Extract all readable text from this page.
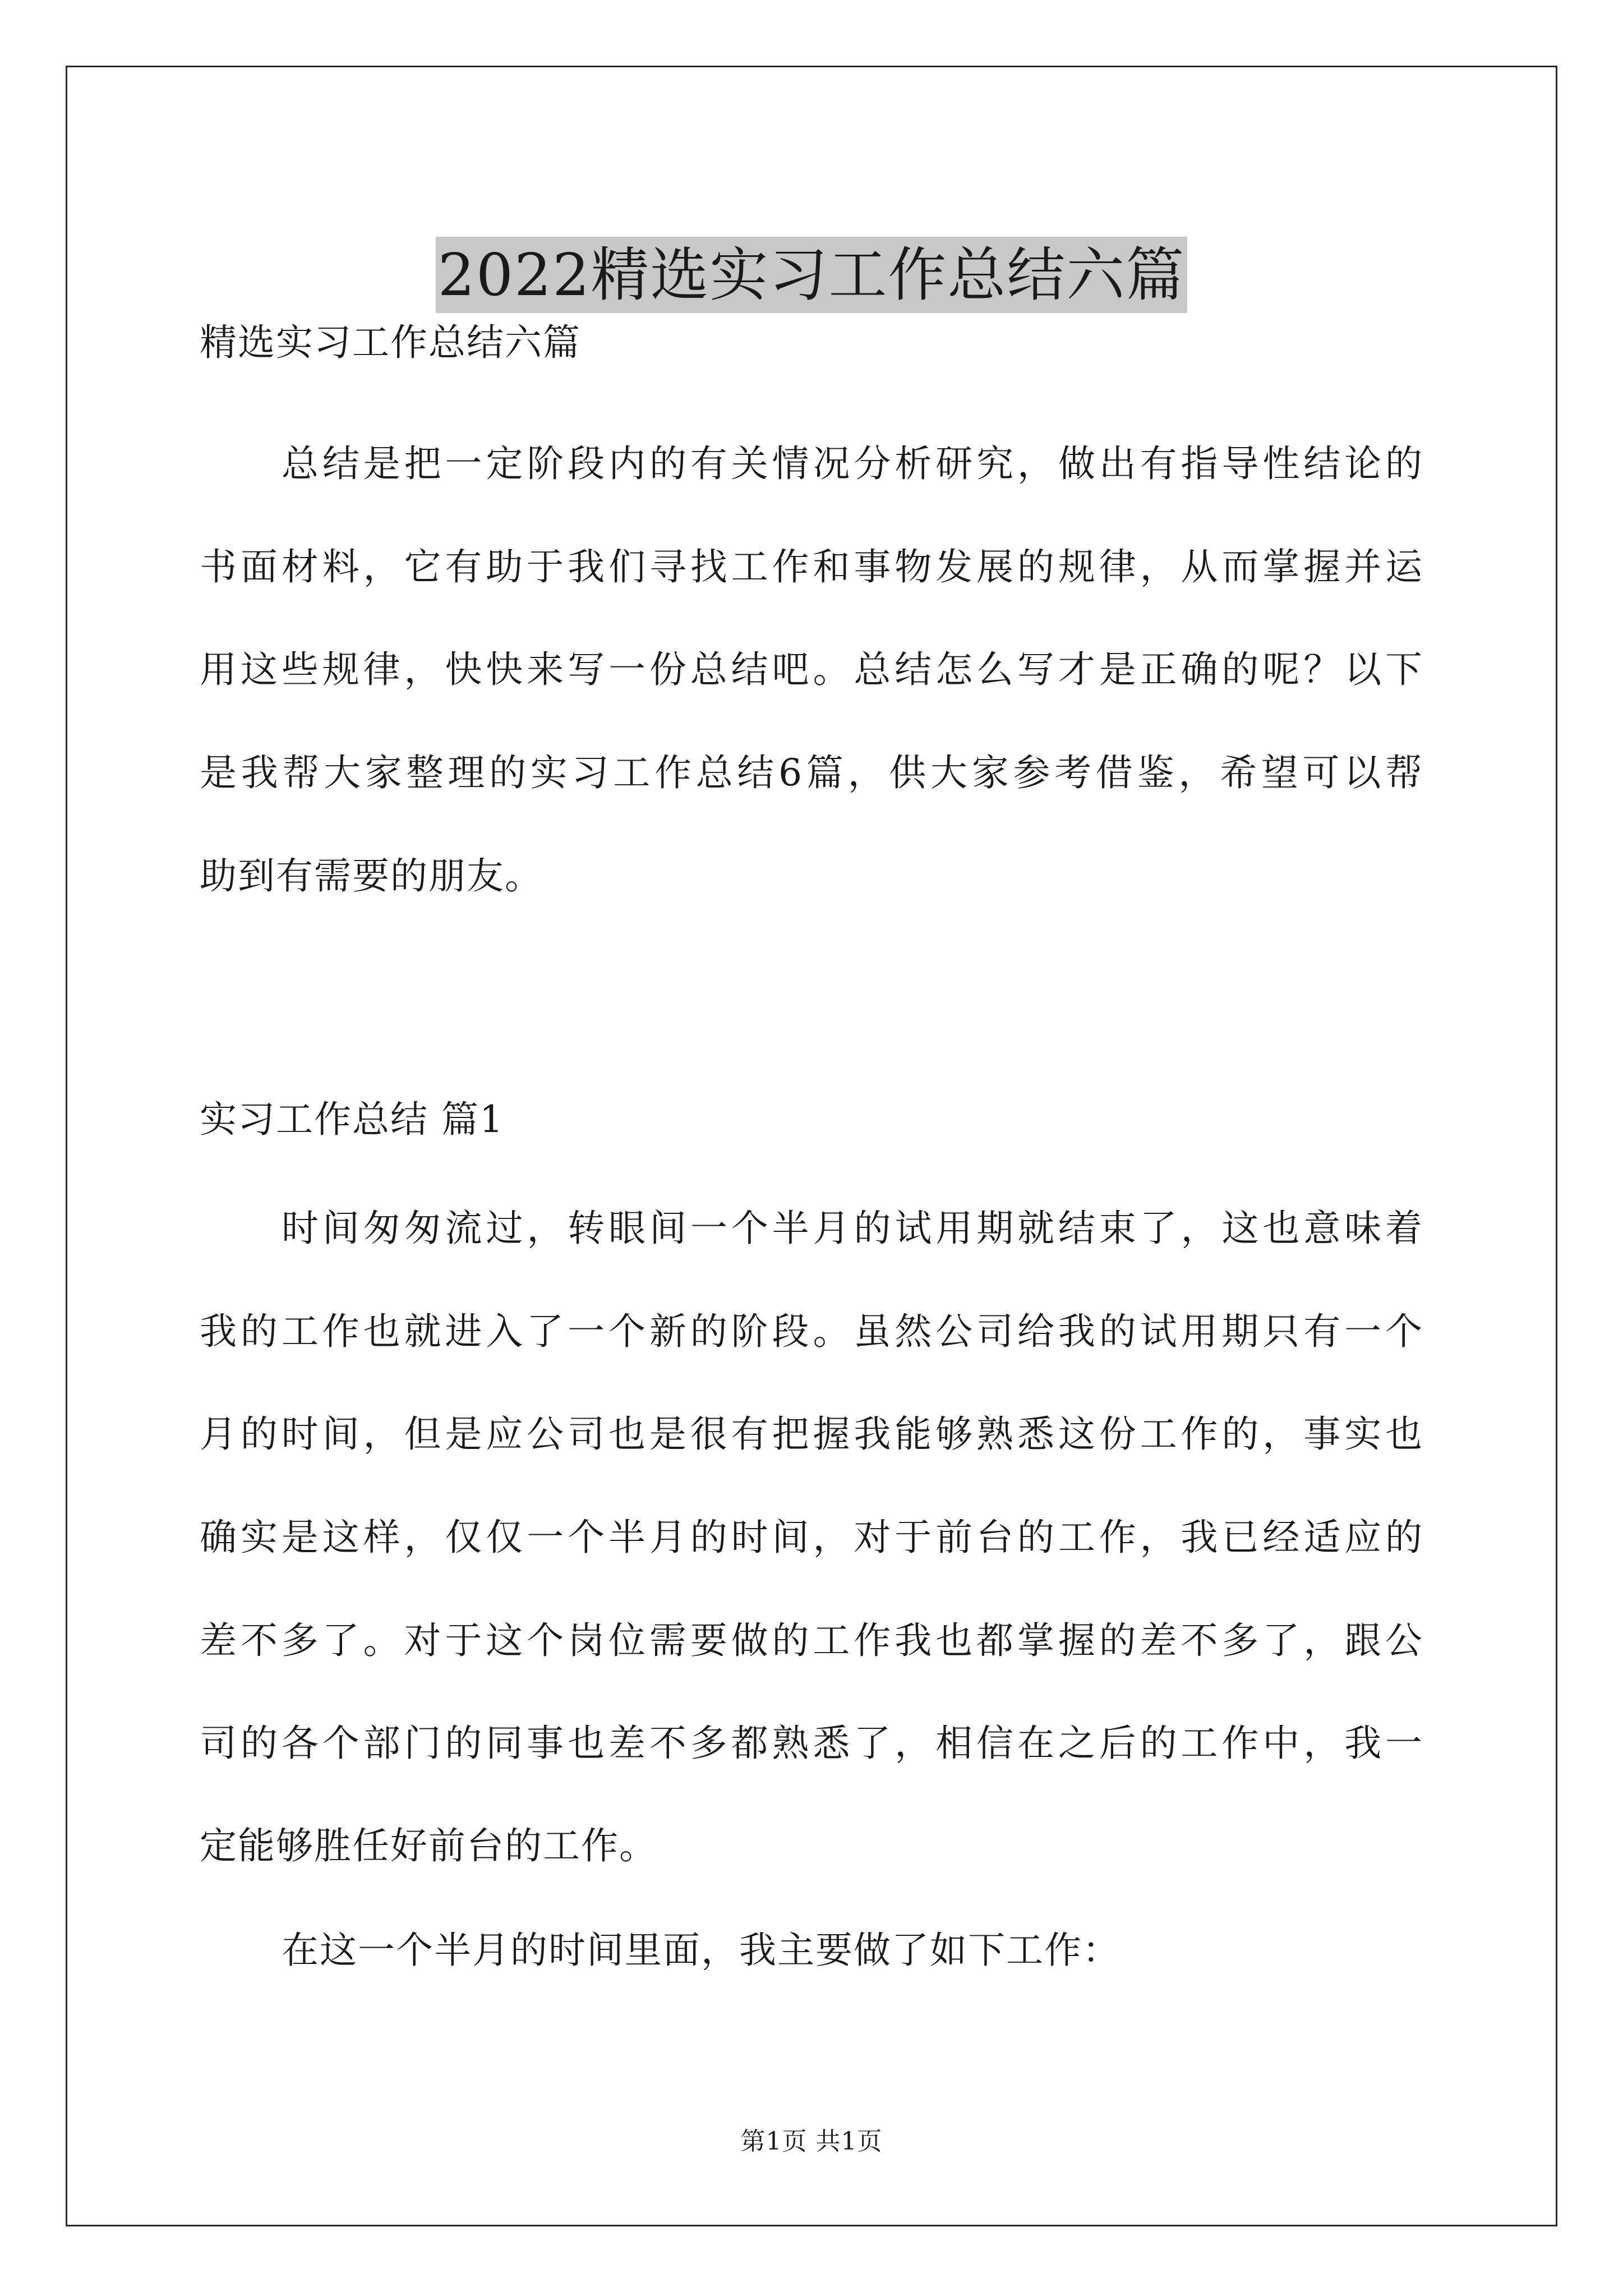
2022精选实习工作总结六篇
精选实习工作总结六篇
总结是把一定阶段内的有关情况分析研究，做出有指导性结论的
书面材料，它有助于我们寻找工作和事物发展的规律，从而掌握并运
用这些规律，快快来写一份总结吧。总结怎么写才是正确的呢？以下
是我帮大家整理的实习工作总结6篇，供大家参考借鉴，希望可以帮
助到有需要的朋友。
实习工作总结 篇1
时间匆匆流过，转眼间一个半月的试用期就结束了，这也意味着
我的工作也就进入了一个新的阶段。虽然公司给我的试用期只有一个
月的时间，但是应公司也是很有把握我能够熟悉这份工作的，事实也
确实是这样，仅仅一个半月的时间，对于前台的工作，我已经适应的
差不多了。对于这个岗位需要做的工作我也都掌握的差不多了，跟公
司的各个部门的同事也差不多都熟悉了，相信在之后的工作中，我一
定能够胜任好前台的工作。
在这一个半月的时间里面，我主要做了如下工作：
第1页 共1页
